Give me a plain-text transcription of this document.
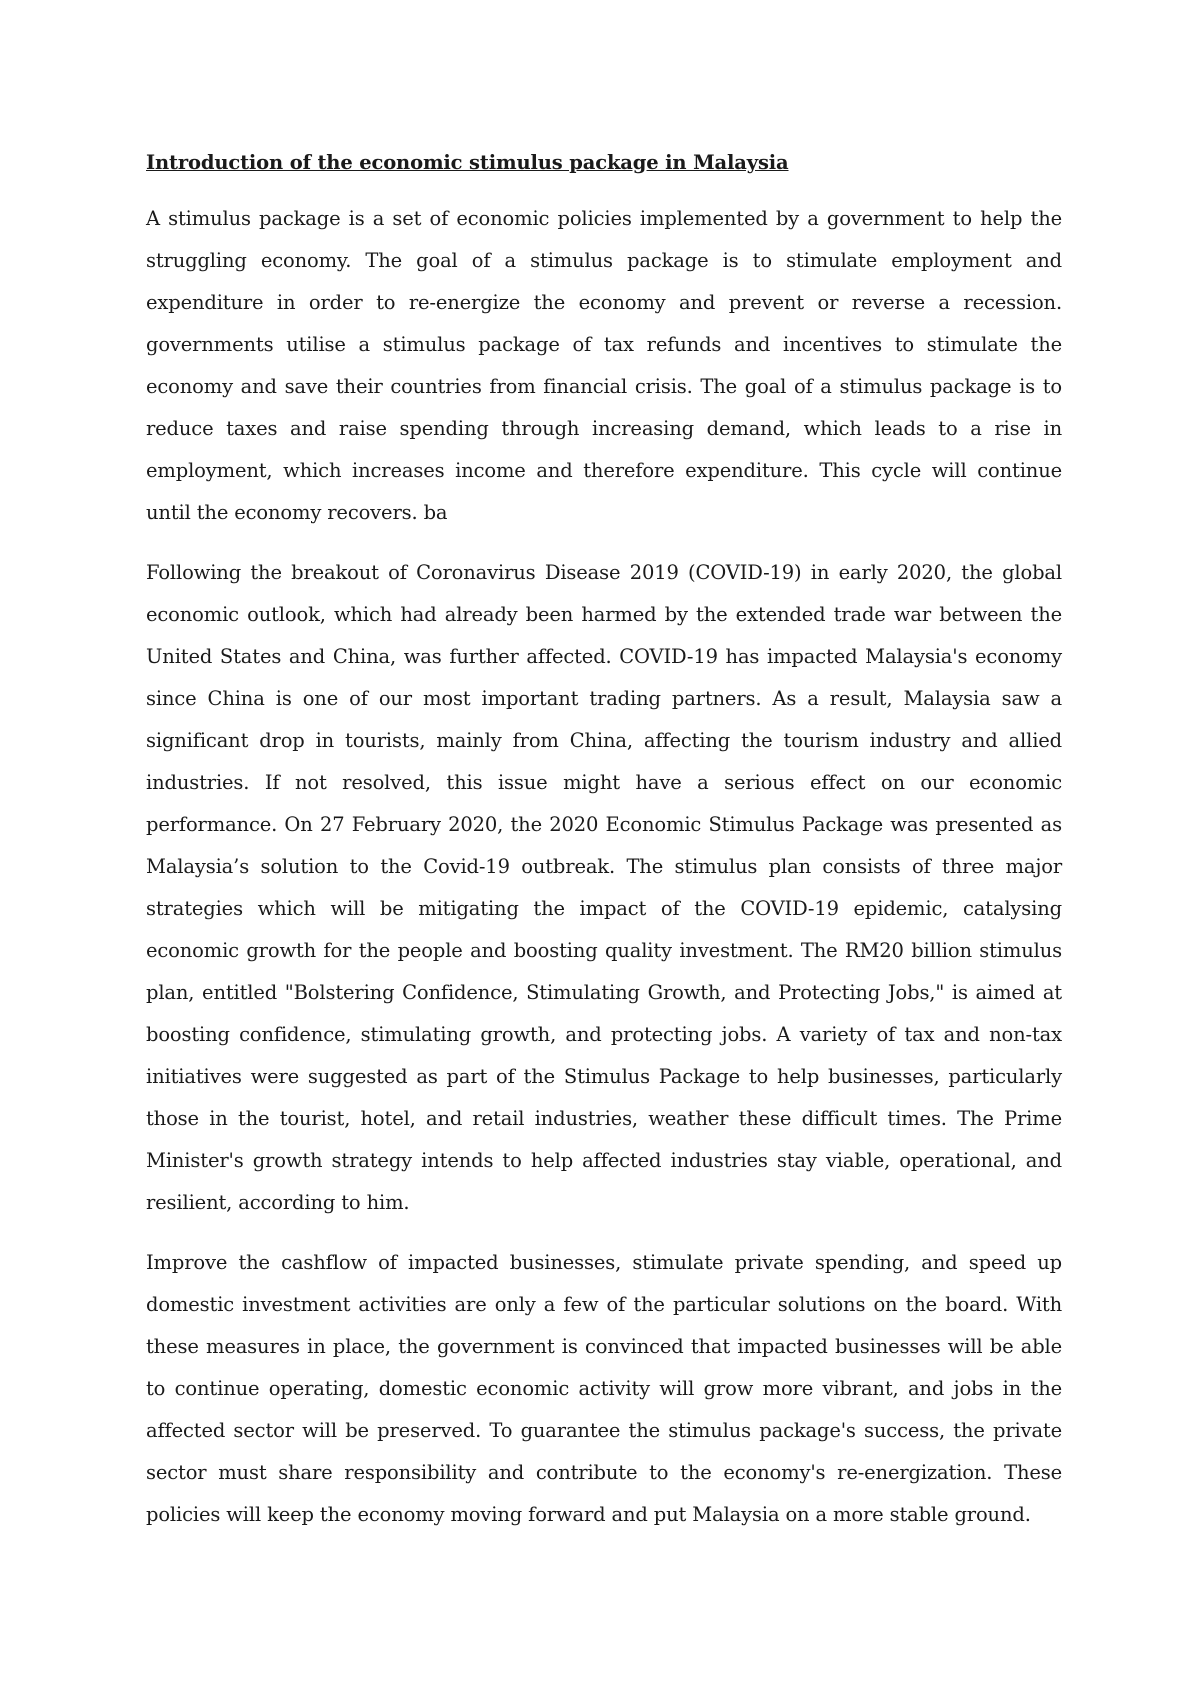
Introduction of the economic stimulus package in Malaysia

A stimulus package is a set of economic policies implemented by a government to help the struggling economy. The goal of a stimulus package is to stimulate employment and expenditure in order to re-energize the economy and prevent or reverse a recession. governments utilise a stimulus package of tax refunds and incentives to stimulate the economy and save their countries from financial crisis. The goal of a stimulus package is to reduce taxes and raise spending through increasing demand, which leads to a rise in employment, which increases income and therefore expenditure. This cycle will continue until the economy recovers. ba

Following the breakout of Coronavirus Disease 2019 (COVID-19) in early 2020, the global economic outlook, which had already been harmed by the extended trade war between the United States and China, was further affected. COVID-19 has impacted Malaysia's economy since China is one of our most important trading partners. As a result, Malaysia saw a significant drop in tourists, mainly from China, affecting the tourism industry and allied industries. If not resolved, this issue might have a serious effect on our economic performance. On 27 February 2020, the 2020 Economic Stimulus Package was presented as Malaysia’s solution to the Covid-19 outbreak. The stimulus plan consists of three major strategies which will be mitigating the impact of the COVID-19 epidemic, catalysing economic growth for the people and boosting quality investment. The RM20 billion stimulus plan, entitled "Bolstering Confidence, Stimulating Growth, and Protecting Jobs," is aimed at boosting confidence, stimulating growth, and protecting jobs. A variety of tax and non-tax initiatives were suggested as part of the Stimulus Package to help businesses, particularly those in the tourist, hotel, and retail industries, weather these difficult times. The Prime Minister's growth strategy intends to help affected industries stay viable, operational, and resilient, according to him.

Improve the cashflow of impacted businesses, stimulate private spending, and speed up domestic investment activities are only a few of the particular solutions on the board. With these measures in place, the government is convinced that impacted businesses will be able to continue operating, domestic economic activity will grow more vibrant, and jobs in the affected sector will be preserved. To guarantee the stimulus package's success, the private sector must share responsibility and contribute to the economy's re-energization. These policies will keep the economy moving forward and put Malaysia on a more stable ground.
